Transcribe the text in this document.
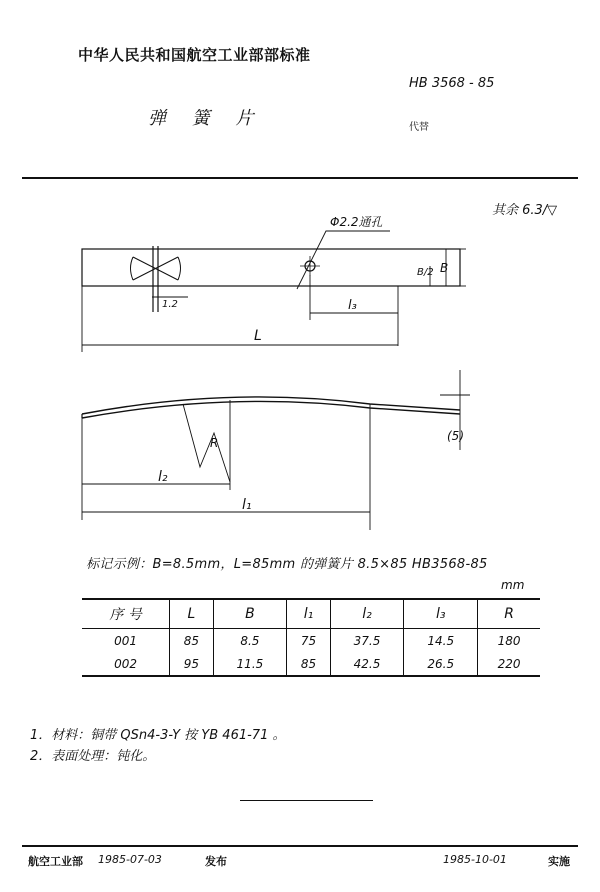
中华人民共和国航空工业部部标准
HB 3568 - 85
弹 簧 片	代替
其余 6.3/▽
Φ2.2通孔
1.2	l₃
L
B/2 B
R	(5)
l₂
l₁
标记示例：B=8.5mm，L=85mm 的弹簧片 8.5×85 HB3568-85
mm
序 号	L	B	l₁	l₂	l₃	R
001	85	8.5	75	37.5	14.5	180
002	95	11.5	85	42.5	26.5	220
1．材料：铜带 QSn4-3-Y 按 YB 461-71 。
2．表面处理：钝化。
航空工业部 1985-07-03	发布	1985-10-01	实施
